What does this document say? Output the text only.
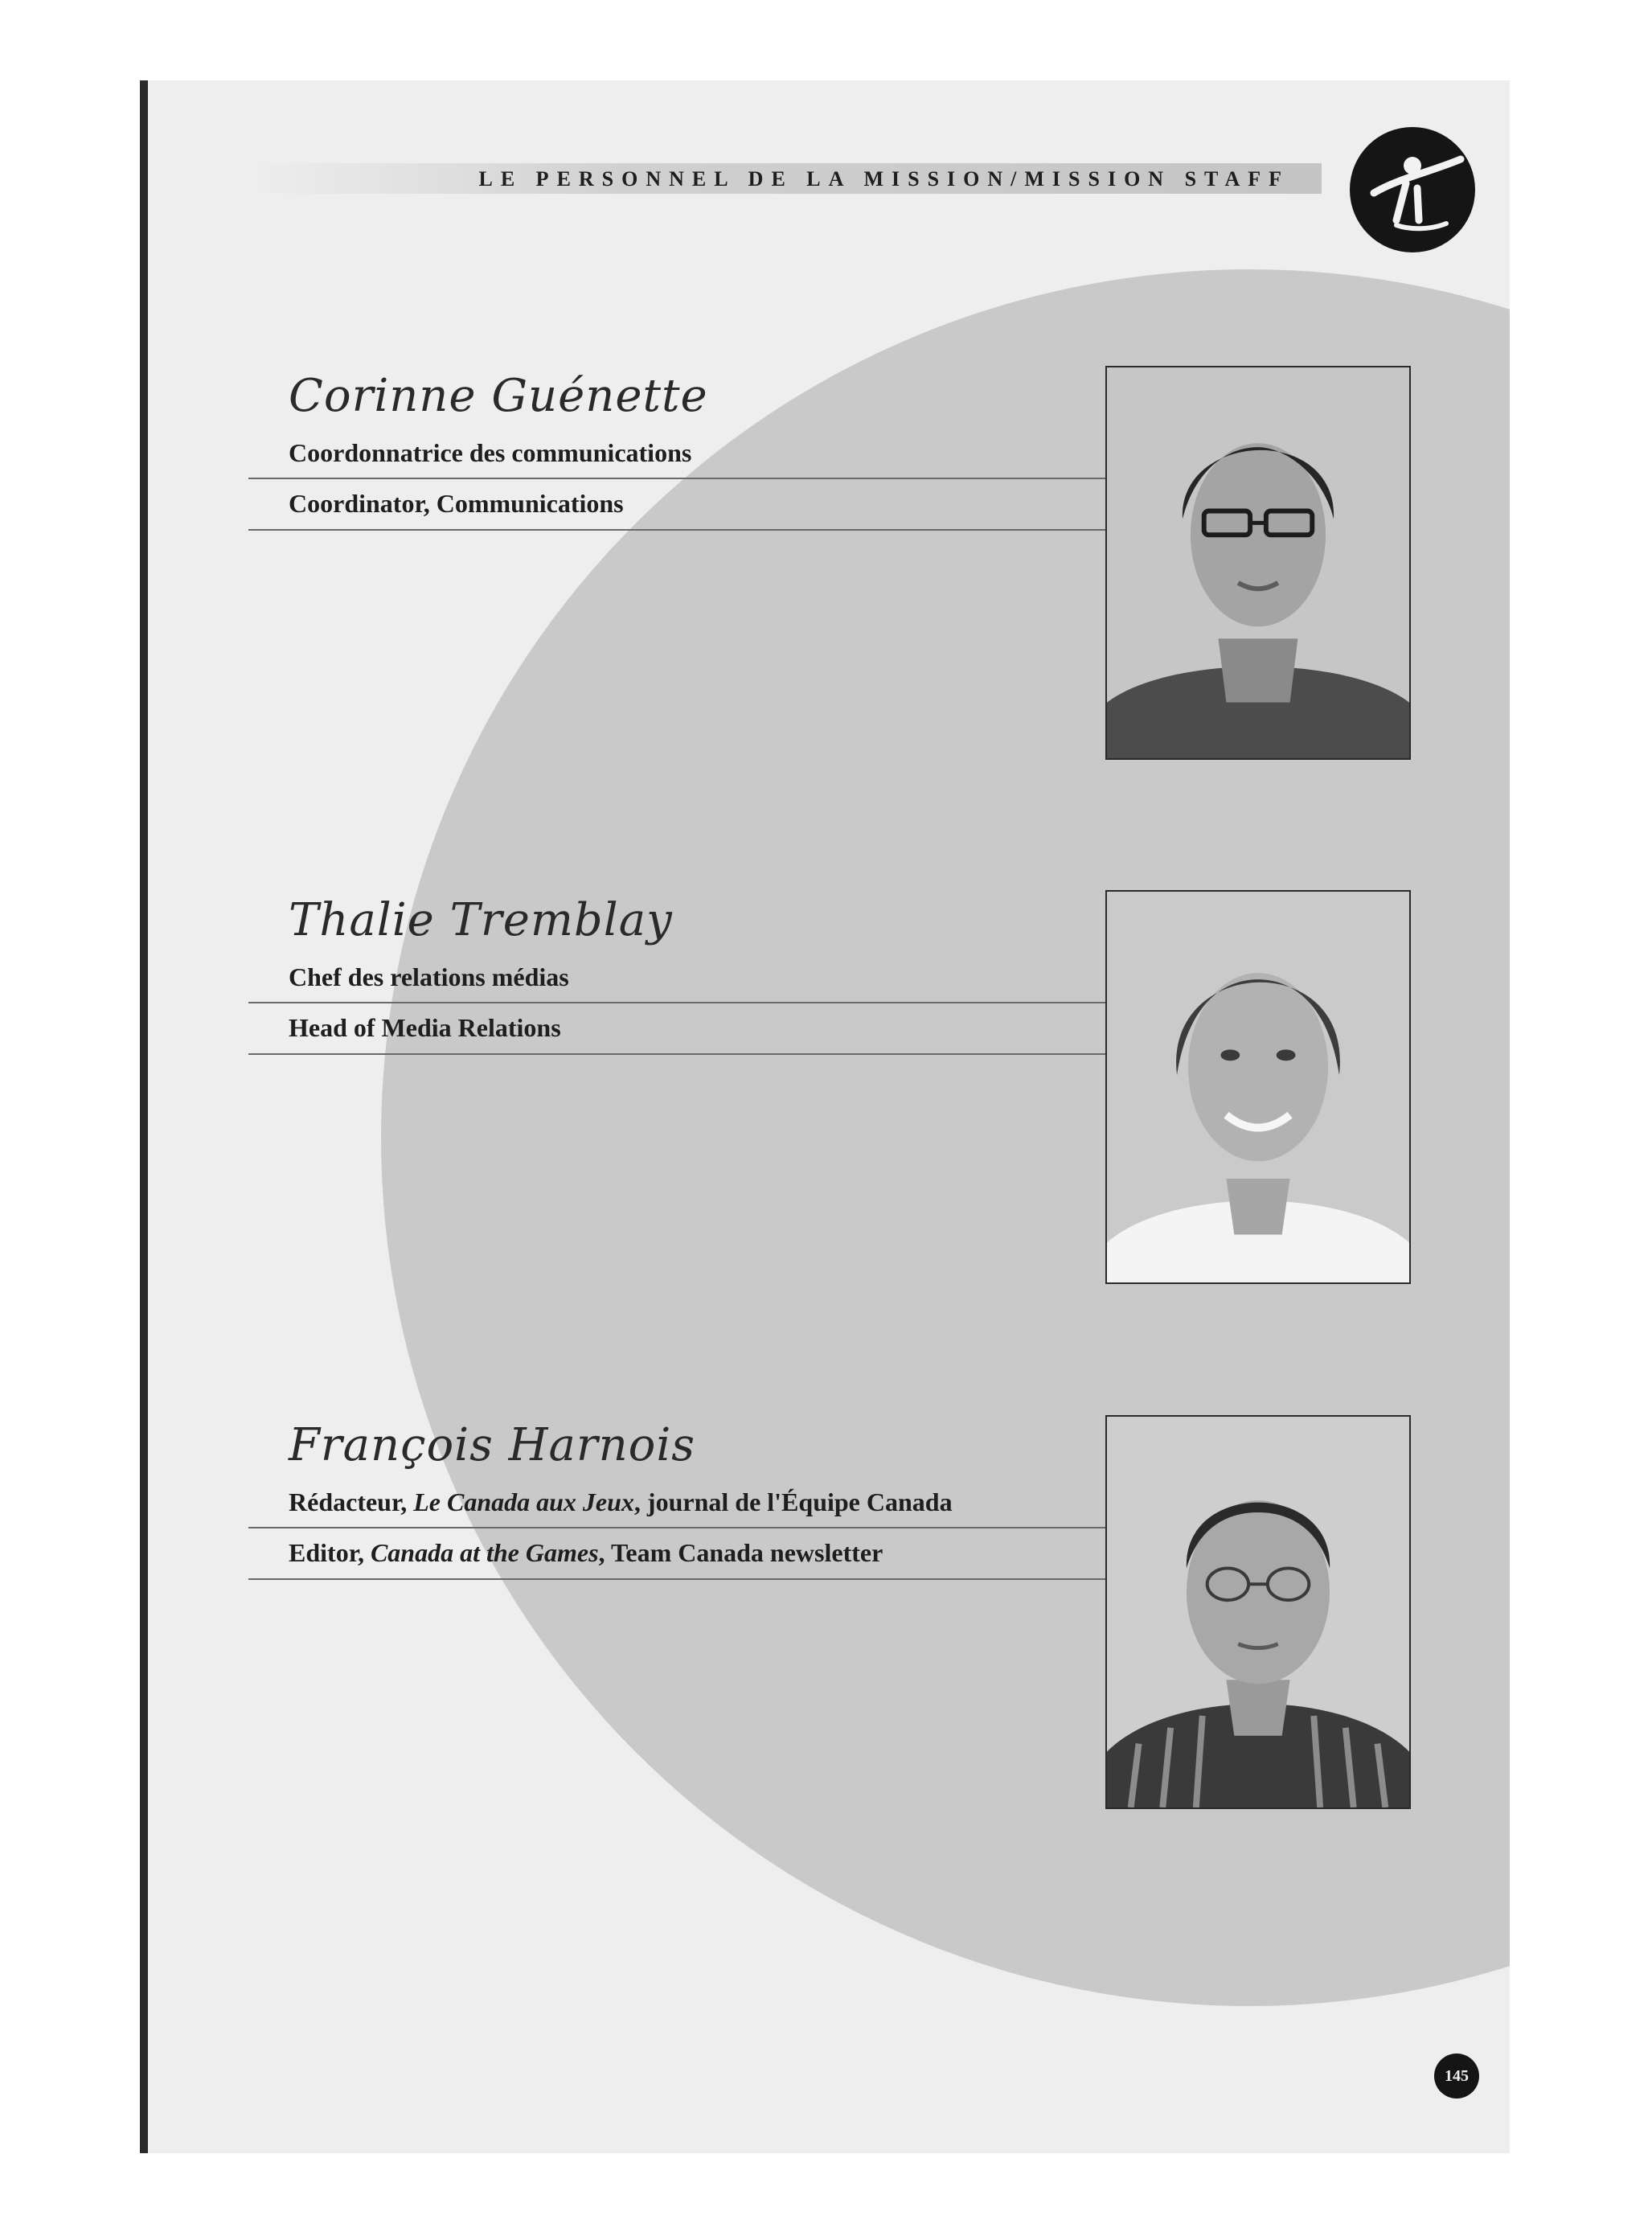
LE PERSONNEL DE LA MISSION/MISSION STAFF
Corinne Guénette
Coordonnatrice des communications
Coordinator, Communications
Thalie Tremblay
Chef des relations médias
Head of Media Relations
François Harnois
Rédacteur, Le Canada aux Jeux, journal de l'Équipe Canada
Editor, Canada at the Games, Team Canada newsletter
145
